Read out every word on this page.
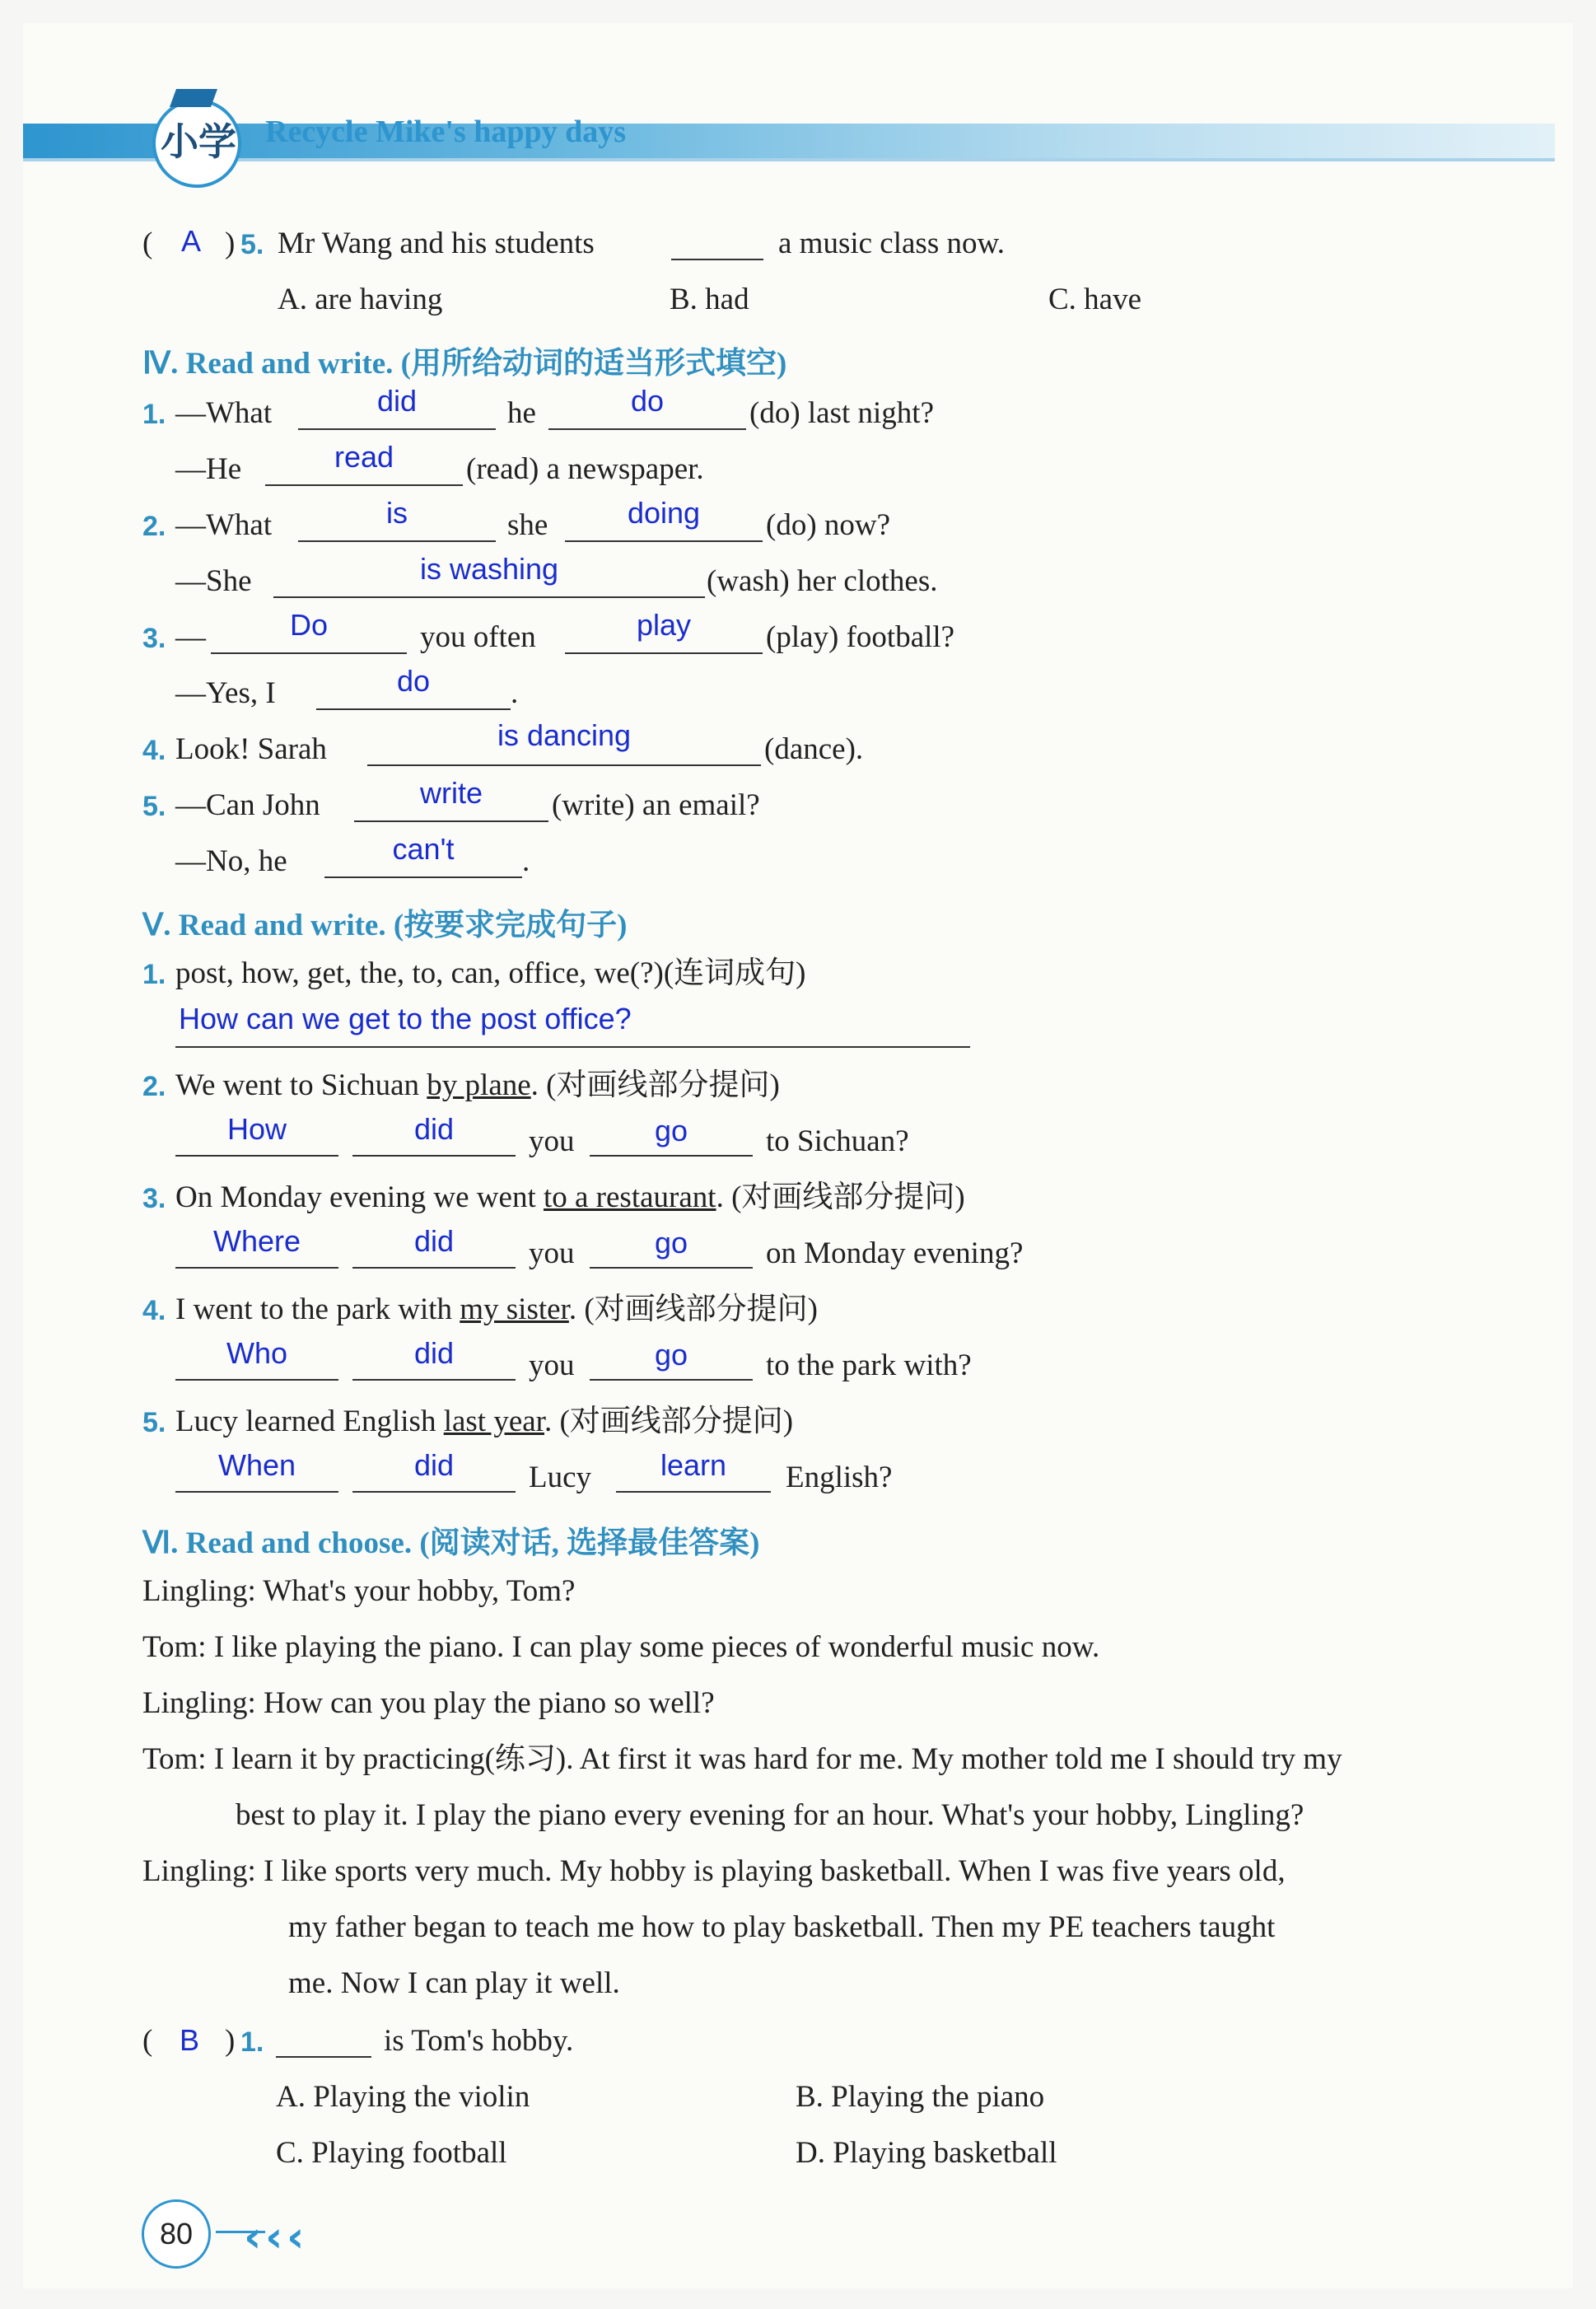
小学 Recycle Mike's happy days
( A ) 5. Mr Wang and his students	a music class now.
A. are having	B. had	C. have
Ⅳ. Read and write. (用所给动词的适当形式填空)
1. —What	did	he	do	(do) last night?
—He	read	(read) a newspaper.
2. —What	is	she	doing	(do) now?
—She	is washing	(wash) her clothes.
3. —	Do	you often	play	(play) football?
—Yes, I	do	.
4. Look! Sarah	is dancing	(dance).
5. —Can John	write	(write) an email?
—No, he	can't	.
Ⅴ. Read and write. (按要求完成句子)
1. post, how, get, the, to, can, office, we(?)(连词成句)
How can we get to the post office?
2. We went to Sichuan by plane. (对画线部分提问)
How	did	you	go	to Sichuan?
3. On Monday evening we went to a restaurant. (对画线部分提问)
Where	did	you	go	on Monday evening?
4. I went to the park with my sister. (对画线部分提问)
Who	did	you	go	to the park with?
5. Lucy learned English last year. (对画线部分提问)
When	did	Lucy	learn	English?
Ⅵ. Read and choose. (阅读对话, 选择最佳答案)
Lingling: What's your hobby, Tom?
Tom: I like playing the piano. I can play some pieces of wonderful music now.
Lingling: How can you play the piano so well?
Tom: I learn it by practicing(练习). At first it was hard for me. My mother told me I should try my
best to play it. I play the piano every evening for an hour. What's your hobby, Lingling?
Lingling: I like sports very much. My hobby is playing basketball. When I was five years old,
my father began to teach me how to play basketball. Then my PE teachers taught
me. Now I can play it well.
( B ) 1.	is Tom's hobby.
A. Playing the violin	B. Playing the piano
C. Playing football	D. Playing basketball
80	‹ ‹ ‹
